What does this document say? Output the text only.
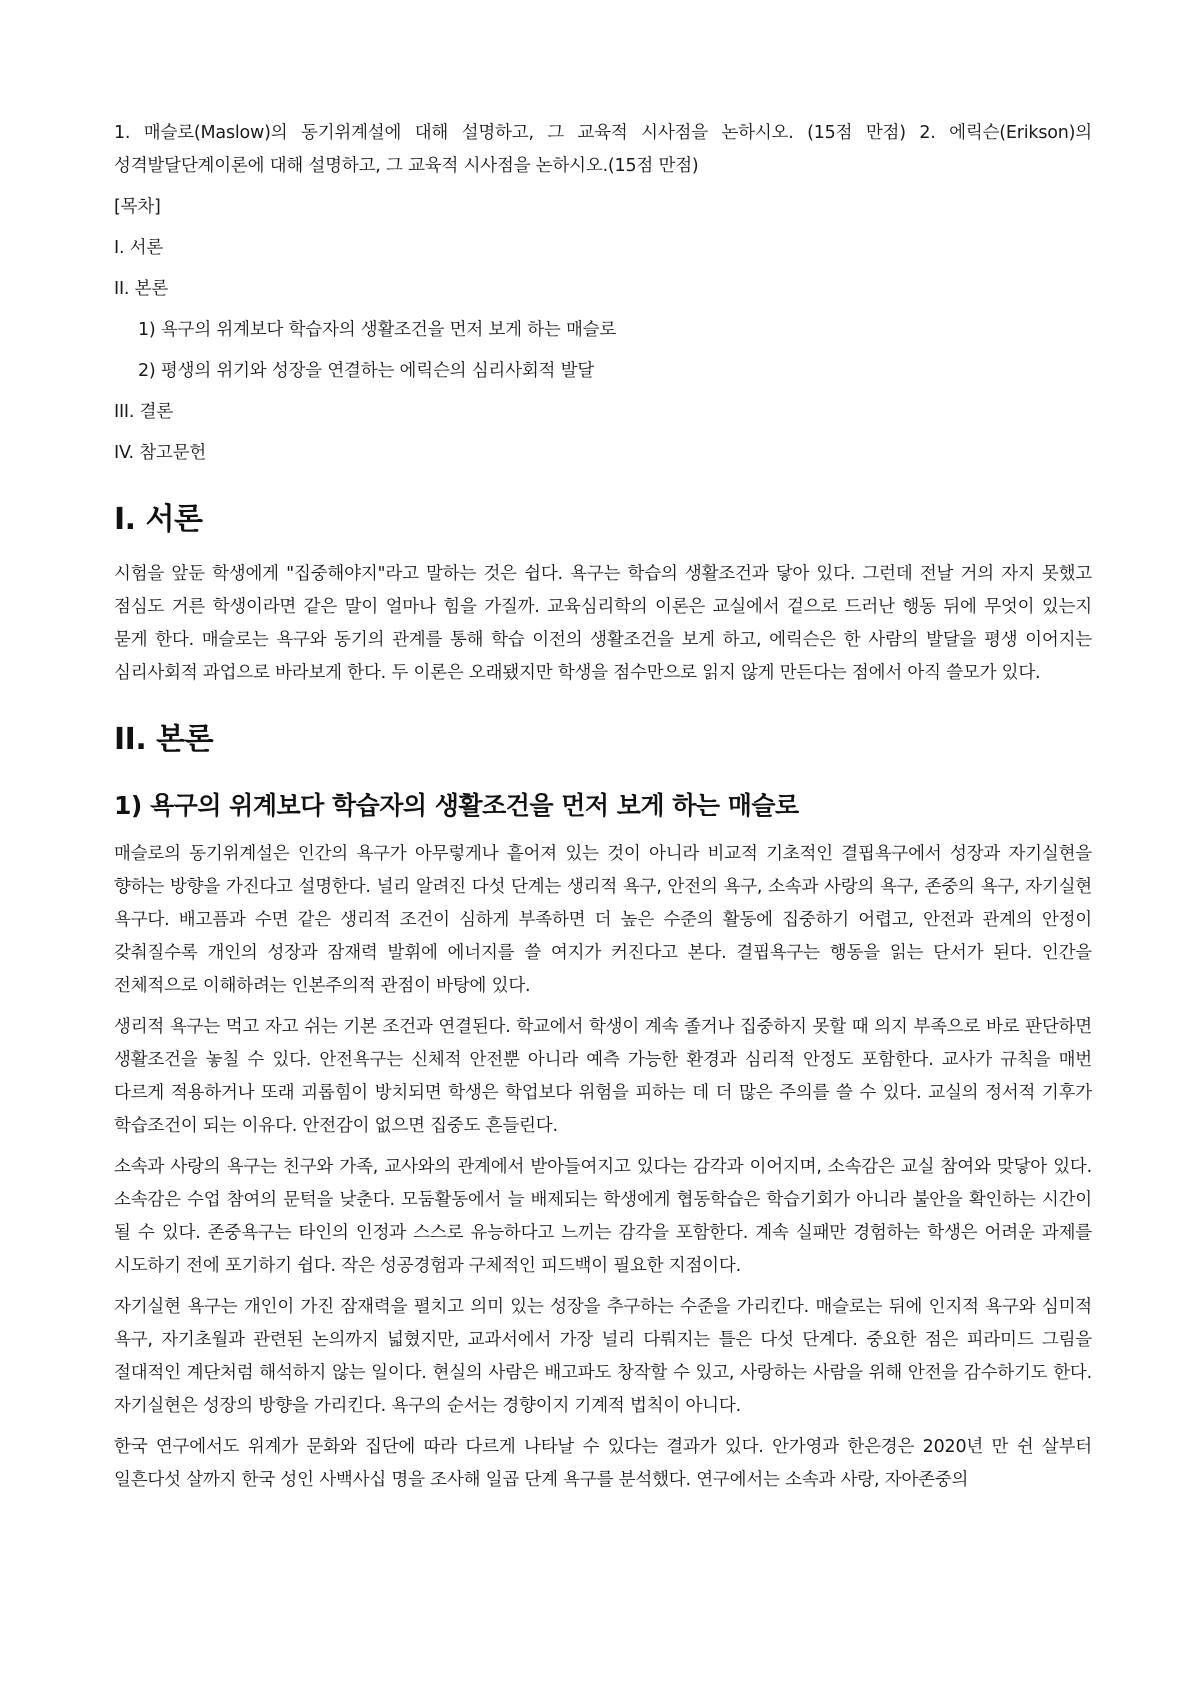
1. 매슬로(Maslow)의 동기위계설에 대해 설명하고, 그 교육적 시사점을 논하시오. (15점 만점) 2. 에릭슨(Erikson)의 성격발달단계이론에 대해 설명하고, 그 교육적 시사점을 논하시오.(15점 만점)

[목차]
I. 서론
II. 본론
1) 욕구의 위계보다 학습자의 생활조건을 먼저 보게 하는 매슬로
2) 평생의 위기와 성장을 연결하는 에릭슨의 심리사회적 발달
III. 결론
IV. 참고문헌
I. 서론

시험을 앞둔 학생에게 "집중해야지"라고 말하는 것은 쉽다. 욕구는 학습의 생활조건과 닿아 있다. 그런데 전날 거의 자지 못했고 점심도 거른 학생이라면 같은 말이 얼마나 힘을 가질까. 교육심리학의 이론은 교실에서 겉으로 드러난 행동 뒤에 무엇이 있는지 묻게 한다. 매슬로는 욕구와 동기의 관계를 통해 학습 이전의 생활조건을 보게 하고, 에릭슨은 한 사람의 발달을 평생 이어지는 심리사회적 과업으로 바라보게 한다. 두 이론은 오래됐지만 학생을 점수만으로 읽지 않게 만든다는 점에서 아직 쓸모가 있다.

II. 본론
1) 욕구의 위계보다 학습자의 생활조건을 먼저 보게 하는 매슬로

매슬로의 동기위계설은 인간의 욕구가 아무렇게나 흩어져 있는 것이 아니라 비교적 기초적인 결핍욕구에서 성장과 자기실현을 향하는 방향을 가진다고 설명한다. 널리 알려진 다섯 단계는 생리적 욕구, 안전의 욕구, 소속과 사랑의 욕구, 존중의 욕구, 자기실현 욕구다. 배고픔과 수면 같은 생리적 조건이 심하게 부족하면 더 높은 수준의 활동에 집중하기 어렵고, 안전과 관계의 안정이 갖춰질수록 개인의 성장과 잠재력 발휘에 에너지를 쓸 여지가 커진다고 본다. 결핍욕구는 행동을 읽는 단서가 된다. 인간을 전체적으로 이해하려는 인본주의적 관점이 바탕에 있다.

생리적 욕구는 먹고 자고 쉬는 기본 조건과 연결된다. 학교에서 학생이 계속 졸거나 집중하지 못할 때 의지 부족으로 바로 판단하면 생활조건을 놓칠 수 있다. 안전욕구는 신체적 안전뿐 아니라 예측 가능한 환경과 심리적 안정도 포함한다. 교사가 규칙을 매번 다르게 적용하거나 또래 괴롭힘이 방치되면 학생은 학업보다 위험을 피하는 데 더 많은 주의를 쓸 수 있다. 교실의 정서적 기후가 학습조건이 되는 이유다. 안전감이 없으면 집중도 흔들린다.

소속과 사랑의 욕구는 친구와 가족, 교사와의 관계에서 받아들여지고 있다는 감각과 이어지며, 소속감은 교실 참여와 맞닿아 있다. 소속감은 수업 참여의 문턱을 낮춘다. 모둠활동에서 늘 배제되는 학생에게 협동학습은 학습기회가 아니라 불안을 확인하는 시간이 될 수 있다. 존중욕구는 타인의 인정과 스스로 유능하다고 느끼는 감각을 포함한다. 계속 실패만 경험하는 학생은 어려운 과제를 시도하기 전에 포기하기 쉽다. 작은 성공경험과 구체적인 피드백이 필요한 지점이다.

자기실현 욕구는 개인이 가진 잠재력을 펼치고 의미 있는 성장을 추구하는 수준을 가리킨다. 매슬로는 뒤에 인지적 욕구와 심미적 욕구, 자기초월과 관련된 논의까지 넓혔지만, 교과서에서 가장 널리 다뤄지는 틀은 다섯 단계다. 중요한 점은 피라미드 그림을 절대적인 계단처럼 해석하지 않는 일이다. 현실의 사람은 배고파도 창작할 수 있고, 사랑하는 사람을 위해 안전을 감수하기도 한다. 자기실현은 성장의 방향을 가리킨다. 욕구의 순서는 경향이지 기계적 법칙이 아니다.

한국 연구에서도 위계가 문화와 집단에 따라 다르게 나타날 수 있다는 결과가 있다. 안가영과 한은경은 2020년 만 쉰 살부터 일흔다섯 살까지 한국 성인 사백사십 명을 조사해 일곱 단계 욕구를 분석했다. 연구에서는 소속과 사랑, 자아존중의
